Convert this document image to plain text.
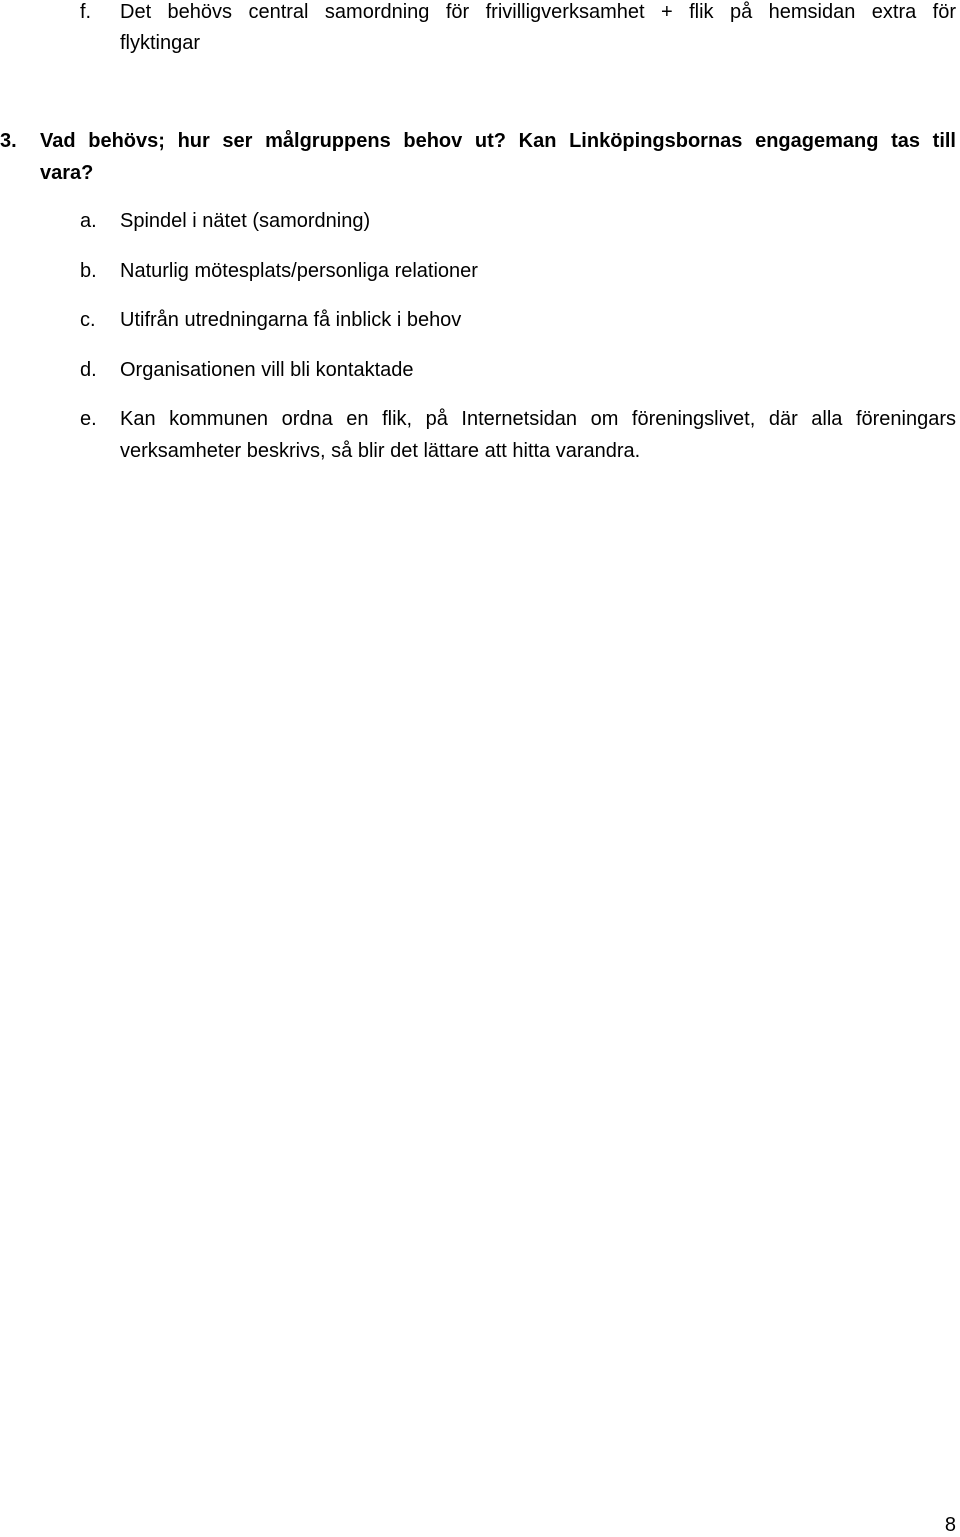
f. Det behövs central samordning för frivilligverksamhet + flik på hemsidan extra för
flyktingar
3. Vad behövs; hur ser målgruppens behov ut? Kan Linköpingsbornas engagemang tas till
vara?
a. Spindel i nätet (samordning)
b. Naturlig mötesplats/personliga relationer
c. Utifrån utredningarna få inblick i behov
d. Organisationen vill bli kontaktade
e. Kan kommunen ordna en flik, på Internetsidan om föreningslivet, där alla föreningars
verksamheter beskrivs, så blir det lättare att hitta varandra.
8
